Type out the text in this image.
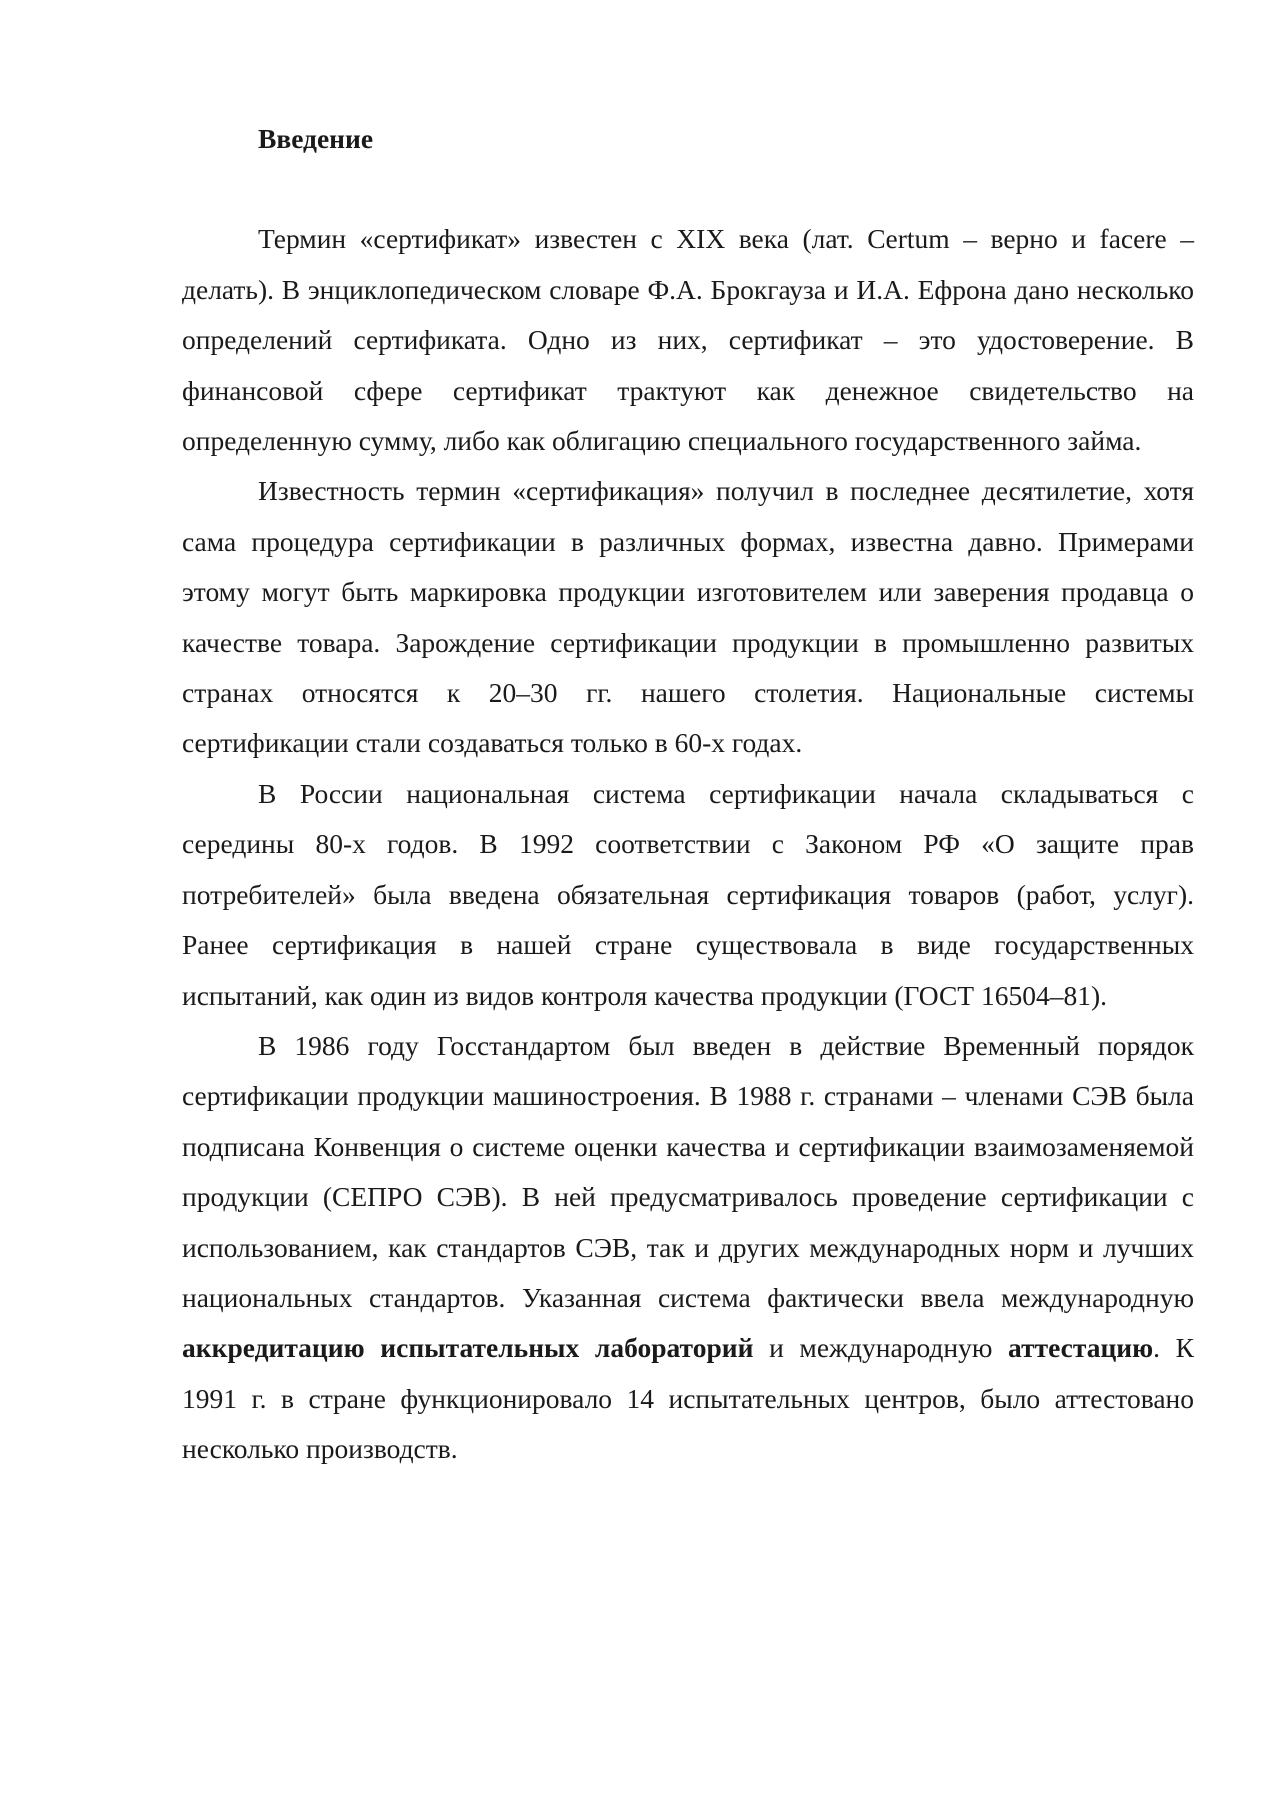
Введение

Термин «сертификат» известен с XIX века (лат. Certum – верно и facere – делать). В энциклопедическом словаре Ф.А. Брокгауза и И.А. Ефрона дано несколько определений сертификата. Одно из них, сертификат – это удостоверение. В финансовой сфере сертификат трактуют как денежное свидетельство на определенную сумму, либо как облигацию специального государственного займа.

Известность термин «сертификация» получил в последнее десятилетие, хотя сама процедура сертификации в различных формах, известна давно. Примерами этому могут быть маркировка продукции изготовителем или заверения продавца о качестве товара. Зарождение сертификации продукции в промышленно развитых странах относятся к 20–30 гг. нашего столетия. Национальные системы сертификации стали создаваться только в 60-х годах.

В России национальная система сертификации начала складываться с середины 80-х годов. В 1992 соответствии с Законом РФ «О защите прав потребителей» была введена обязательная сертификация товаров (работ, услуг). Ранее сертификация в нашей стране существовала в виде государственных испытаний, как один из видов контроля качества продукции (ГОСТ 16504–81).

В 1986 году Госстандартом был введен в действие Временный порядок сертификации продукции машиностроения. В 1988 г. странами – членами СЭВ была подписана Конвенция о системе оценки качества и сертификации взаимозаменяемой продукции (СЕПРО СЭВ). В ней предусматривалось проведение сертификации с использованием, как стандартов СЭВ, так и других международных норм и лучших национальных стандартов. Указанная система фактически ввела международную аккредитацию испытательных лабораторий и международную аттестацию. К 1991 г. в стране функционировало 14 испытательных центров, было аттестовано несколько производств.
